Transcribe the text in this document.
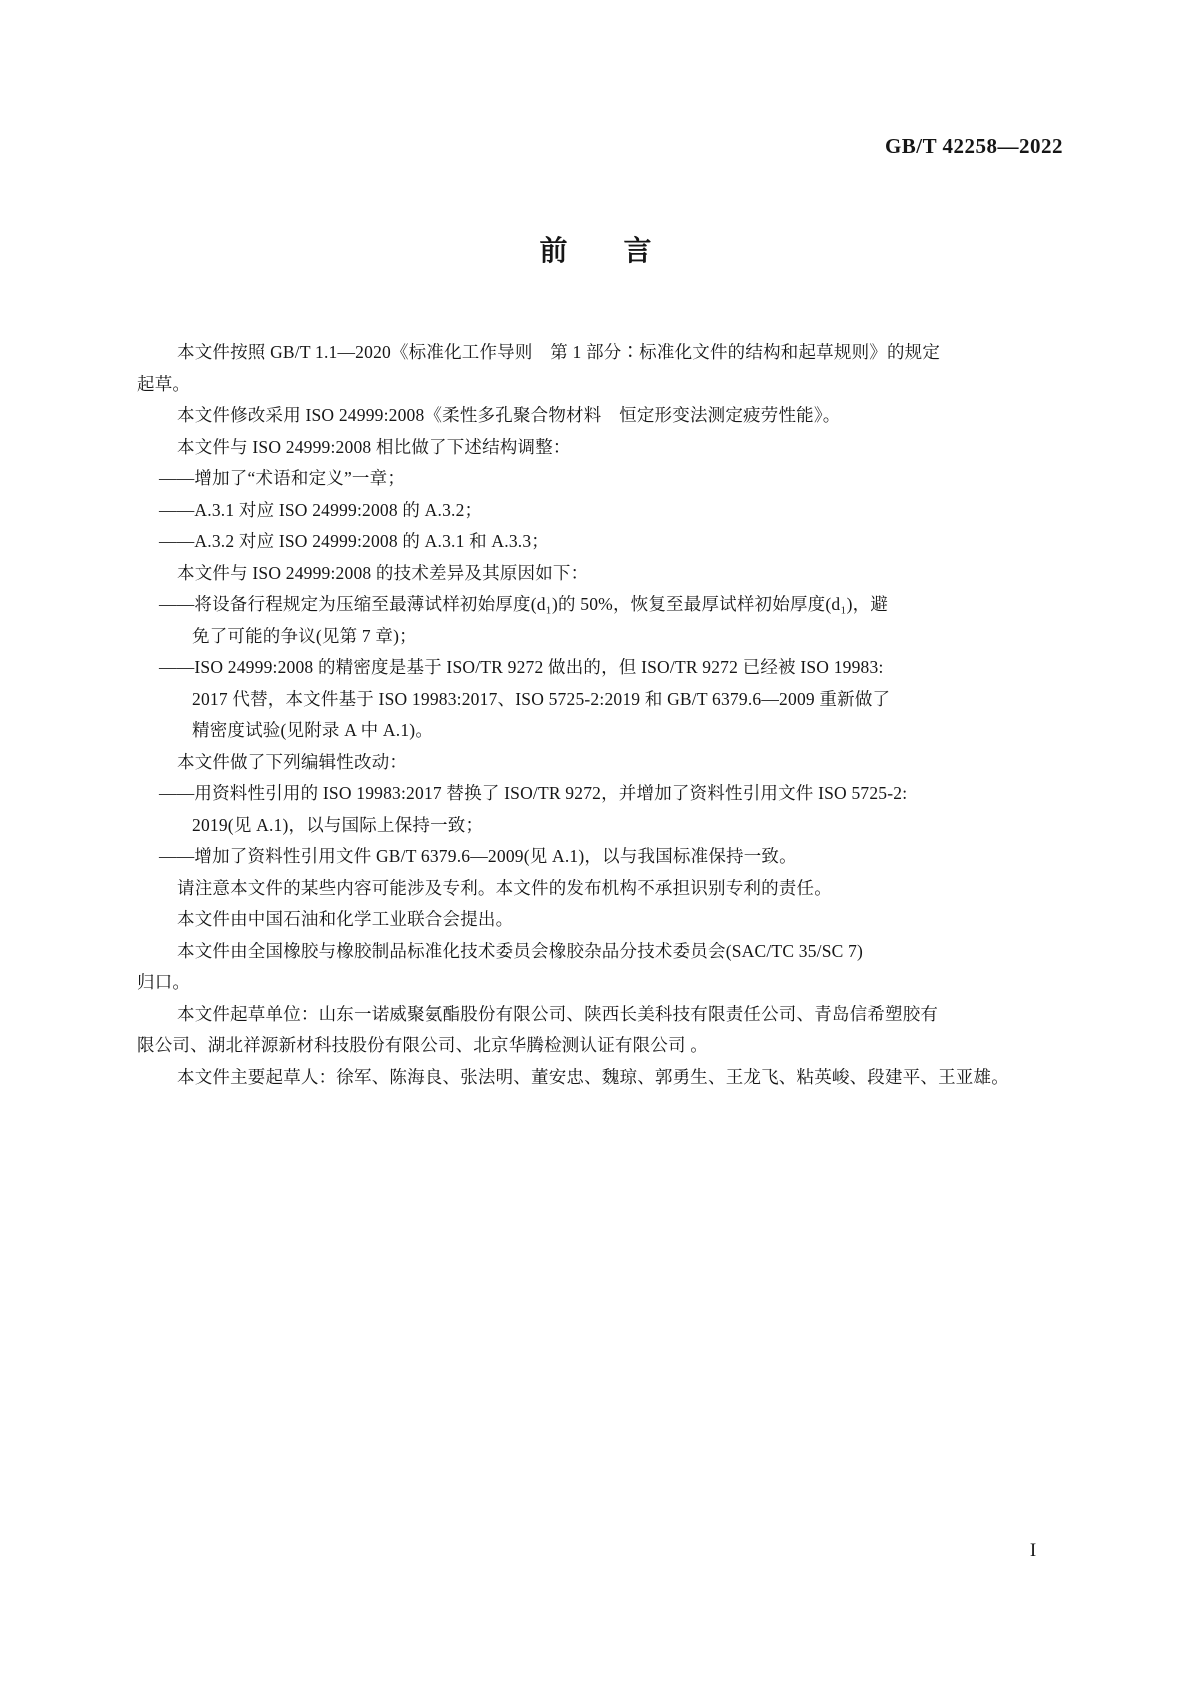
GB/T 42258—2022
前　　言
本文件按照 GB/T 1.1—2020《标准化工作导则　第 1 部分∶标准化文件的结构和起草规则》的规定
起草。
本文件修改采用 ISO 24999:2008《柔性多孔聚合物材料　恒定形变法测定疲劳性能》。
本文件与 ISO 24999:2008 相比做了下述结构调整：
——增加了“术语和定义”一章；
——A.3.1 对应 ISO 24999:2008 的 A.3.2；
——A.3.2 对应 ISO 24999:2008 的 A.3.1 和 A.3.3；
本文件与 ISO 24999:2008 的技术差异及其原因如下：
——将设备行程规定为压缩至最薄试样初始厚度(d₁)的 50%，恢复至最厚试样初始厚度(d₁)，避
免了可能的争议(见第 7 章)；
——ISO 24999:2008 的精密度是基于 ISO/TR 9272 做出的，但 ISO/TR 9272 已经被 ISO 19983:
2017 代替，本文件基于 ISO 19983:2017、ISO 5725-2:2019 和 GB/T 6379.6—2009 重新做了
精密度试验(见附录 A 中 A.1)。
本文件做了下列编辑性改动：
——用资料性引用的 ISO 19983:2017 替换了 ISO/TR 9272，并增加了资料性引用文件 ISO 5725-2:
2019(见 A.1)，以与国际上保持一致；
——增加了资料性引用文件 GB/T 6379.6—2009(见 A.1)，以与我国标准保持一致。
请注意本文件的某些内容可能涉及专利。本文件的发布机构不承担识别专利的责任。
本文件由中国石油和化学工业联合会提出。
本文件由全国橡胶与橡胶制品标准化技术委员会橡胶杂品分技术委员会(SAC/TC 35/SC 7)
归口。
本文件起草单位：山东一诺威聚氨酯股份有限公司、陕西长美科技有限责任公司、青岛信希塑胶有
限公司、湖北祥源新材科技股份有限公司、北京华腾检测认证有限公司 。
本文件主要起草人：徐军、陈海良、张法明、董安忠、魏琼、郭勇生、王龙飞、粘英峻、段建平、王亚雄。
I
